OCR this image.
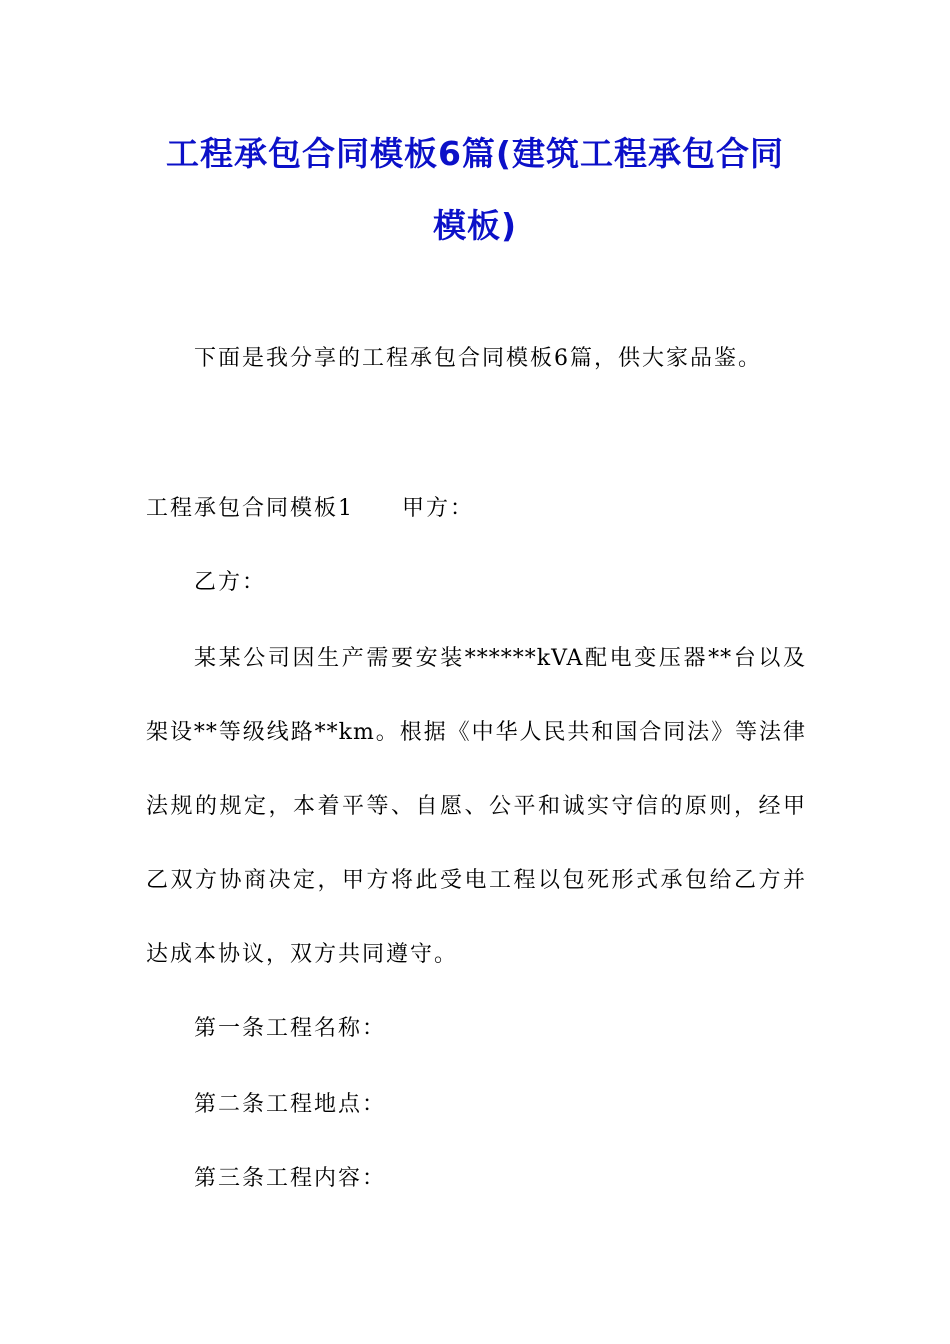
工程承包合同模板6篇(建筑工程承包合同
模板)
下面是我分享的工程承包合同模板6篇，供大家品鉴。
工程承包合同模板1 甲方：
乙方：
某某公司因生产需要安装******kVA配电变压器**台以及
架设**等级线路**km。根据《中华人民共和国合同法》等法律
法规的规定，本着平等、自愿、公平和诚实守信的原则，经甲
乙双方协商决定，甲方将此受电工程以包死形式承包给乙方并
达成本协议，双方共同遵守。
第一条工程名称：
第二条工程地点：
第三条工程内容：
